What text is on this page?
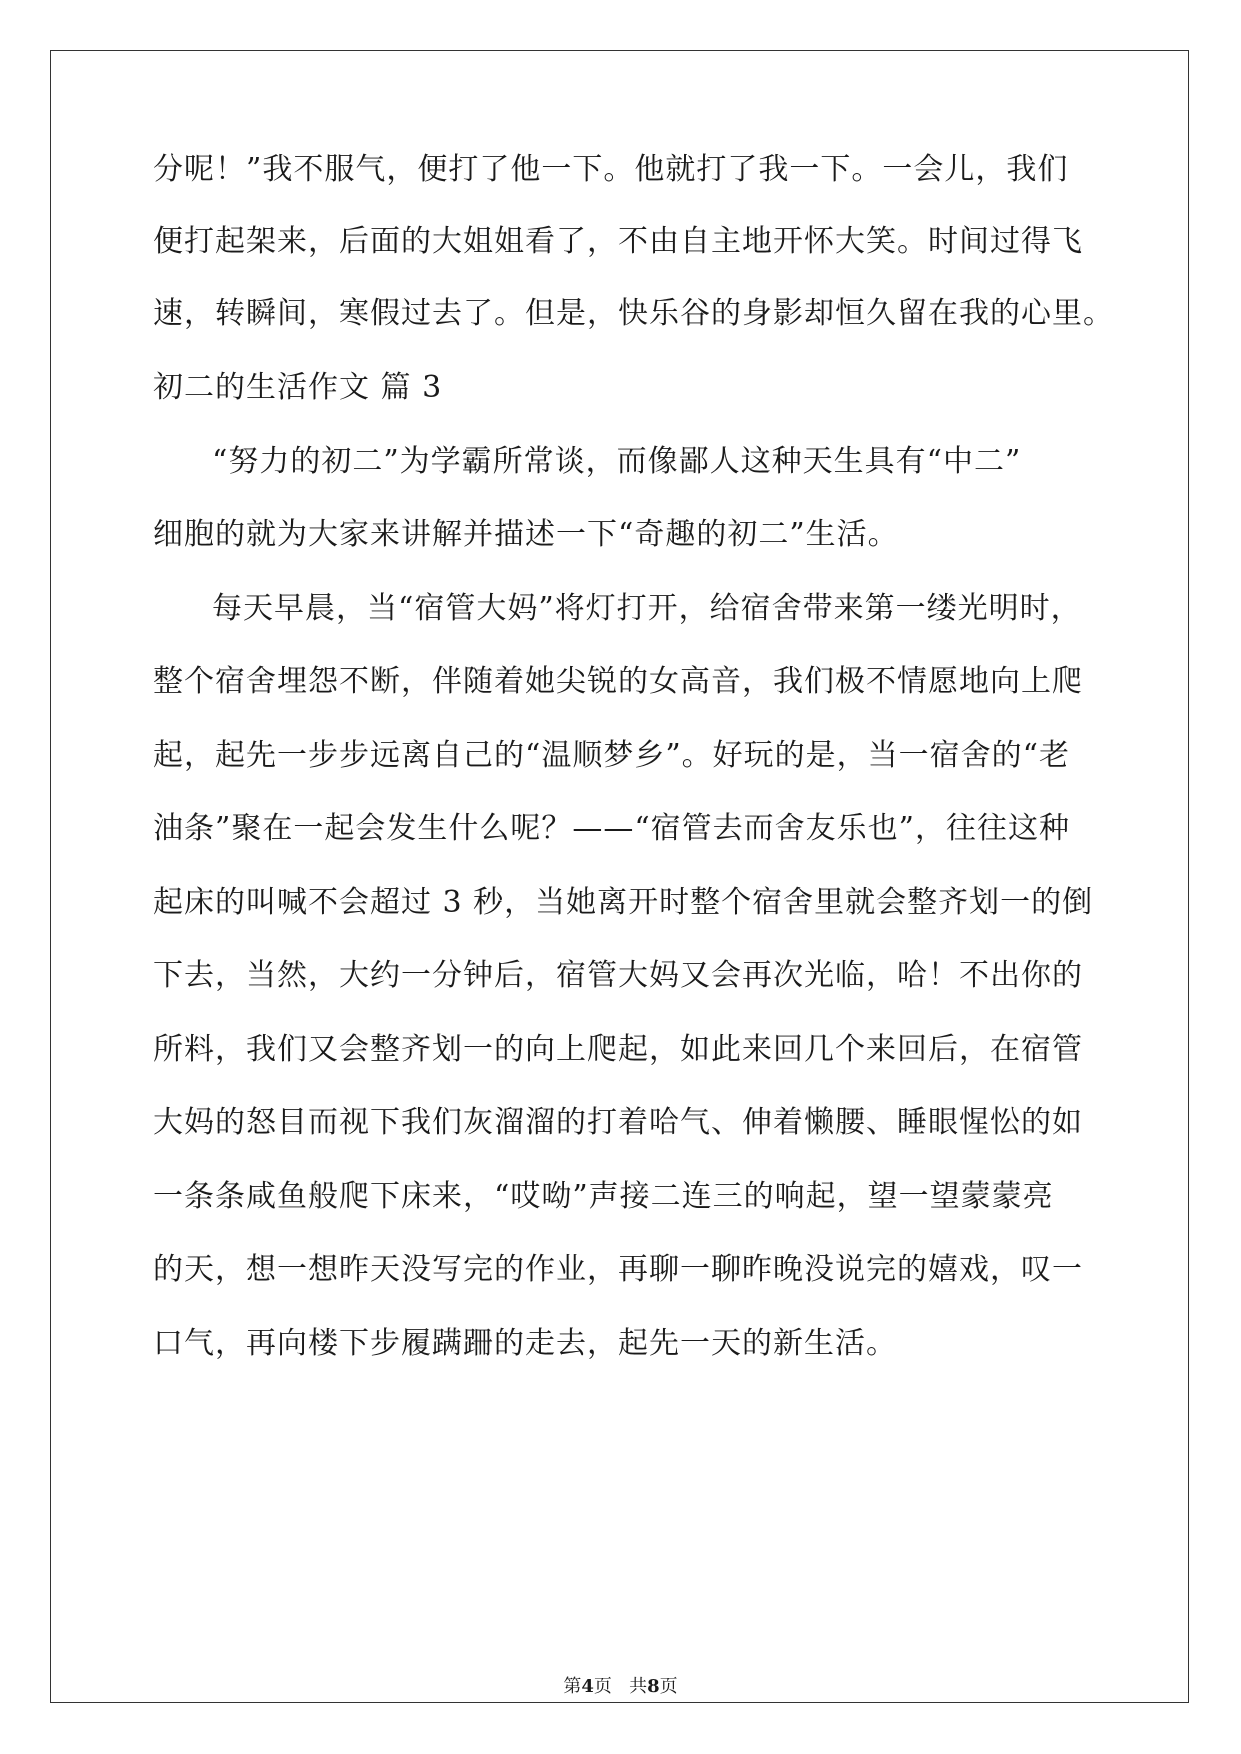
分呢！”我不服气，便打了他一下。他就打了我一下。一会儿，我们
便打起架来，后面的大姐姐看了，不由自主地开怀大笑。时间过得飞
速，转瞬间，寒假过去了。但是，快乐谷的身影却恒久留在我的心里。
初二的生活作文 篇 3
“努力的初二”为学霸所常谈，而像鄙人这种天生具有“中二”
细胞的就为大家来讲解并描述一下“奇趣的初二”生活。
每天早晨，当“宿管大妈”将灯打开，给宿舍带来第一缕光明时，
整个宿舍埋怨不断，伴随着她尖锐的女高音，我们极不情愿地向上爬
起，起先一步步远离自己的“温顺梦乡”。好玩的是，当一宿舍的“老
油条”聚在一起会发生什么呢？——“宿管去而舍友乐也”，往往这种
起床的叫喊不会超过 3 秒，当她离开时整个宿舍里就会整齐划一的倒
下去，当然，大约一分钟后，宿管大妈又会再次光临，哈！不出你的
所料，我们又会整齐划一的向上爬起，如此来回几个来回后，在宿管
大妈的怒目而视下我们灰溜溜的打着哈气、伸着懒腰、睡眼惺忪的如
一条条咸鱼般爬下床来，“哎呦”声接二连三的响起，望一望蒙蒙亮
的天，想一想昨天没写完的作业，再聊一聊昨晚没说完的嬉戏，叹一
口气，再向楼下步履蹒跚的走去，起先一天的新生活。
第4页 共8页
